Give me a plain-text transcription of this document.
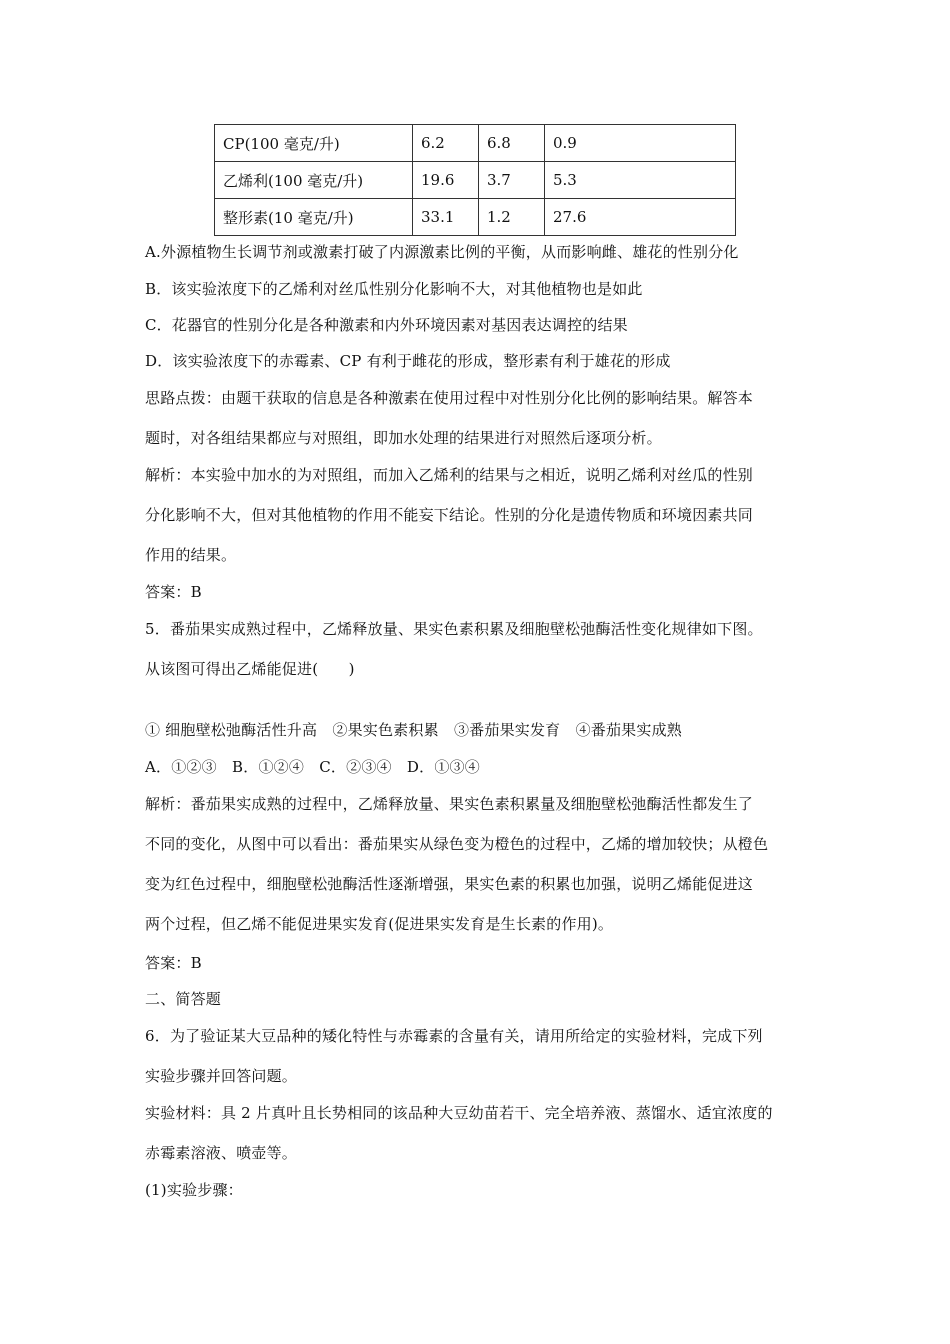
CP(100 毫克/升)	6.2	6.8	0.9
乙烯利(100 毫克/升)	19.6	3.7	5.3
整形素(10 毫克/升)	33.1	1.2	27.6
A.外源植物生长调节剂或激素打破了内源激素比例的平衡，从而影响雌、雄花的性别分化
B．该实验浓度下的乙烯利对丝瓜性别分化影响不大，对其他植物也是如此
C．花器官的性别分化是各种激素和内外环境因素对基因表达调控的结果
D．该实验浓度下的赤霉素、CP 有利于雌花的形成，整形素有利于雄花的形成
思路点拨：由题干获取的信息是各种激素在使用过程中对性别分化比例的影响结果。解答本
题时，对各组结果都应与对照组，即加水处理的结果进行对照然后逐项分析。
解析：本实验中加水的为对照组，而加入乙烯利的结果与之相近，说明乙烯利对丝瓜的性别
分化影响不大，但对其他植物的作用不能妄下结论。性别的分化是遗传物质和环境因素共同
作用的结果。
答案：B
5．番茄果实成熟过程中，乙烯释放量、果实色素积累及细胞壁松弛酶活性变化规律如下图。
从该图可得出乙烯能促进(　　)
① 细胞壁松弛酶活性升高　②果实色素积累　③番茄果实发育　④番茄果实成熟
A．①②③　B．①②④　C．②③④　D．①③④
解析：番茄果实成熟的过程中，乙烯释放量、果实色素积累量及细胞壁松弛酶活性都发生了
不同的变化，从图中可以看出：番茄果实从绿色变为橙色的过程中，乙烯的增加较快；从橙色
变为红色过程中，细胞壁松弛酶活性逐渐增强，果实色素的积累也加强，说明乙烯能促进这
两个过程，但乙烯不能促进果实发育(促进果实发育是生长素的作用)。
答案：B
二、简答题
6．为了验证某大豆品种的矮化特性与赤霉素的含量有关，请用所给定的实验材料，完成下列
实验步骤并回答问题。
实验材料：具 2 片真叶且长势相同的该品种大豆幼苗若干、完全培养液、蒸馏水、适宜浓度的
赤霉素溶液、喷壶等。
(1)实验步骤：
